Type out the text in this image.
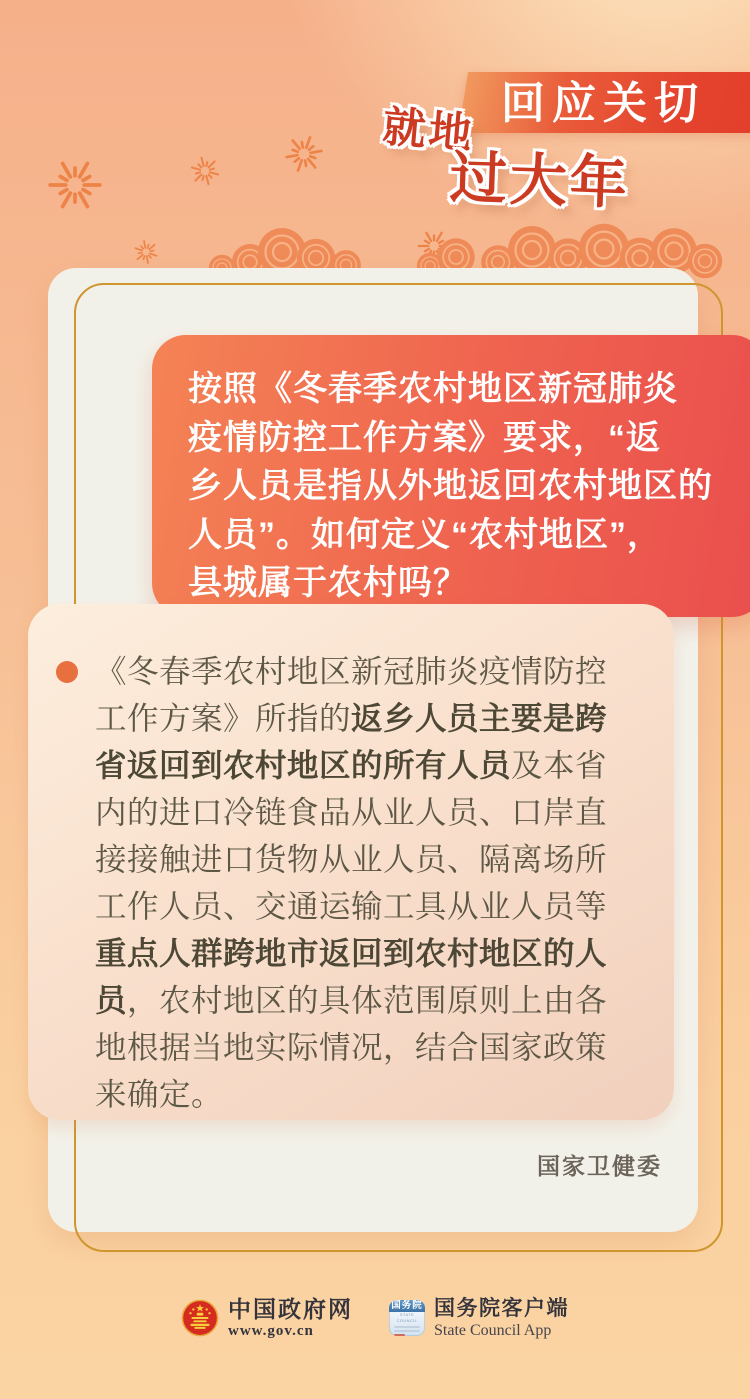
回应关切
就地
过大年
按照《冬春季农村地区新冠肺炎
疫情防控工作方案》要求，“返
乡人员是指从外地返回农村地区的
人员”。如何定义“农村地区”，
县城属于农村吗？
《冬春季农村地区新冠肺炎疫情防控
工作方案》所指的返乡人员主要是跨
省返回到农村地区的所有人员及本省
内的进口冷链食品从业人员、口岸直
接接触进口货物从业人员、隔离场所
工作人员、交通运输工具从业人员等
重点人群跨地市返回到农村地区的人
员，农村地区的具体范围原则上由各
地根据当地实际情况，结合国家政策
来确定。
国家卫健委
中国政府网
www.gov.cn
国务院
STATE COUNCIL
国务院客户端
State Council App
